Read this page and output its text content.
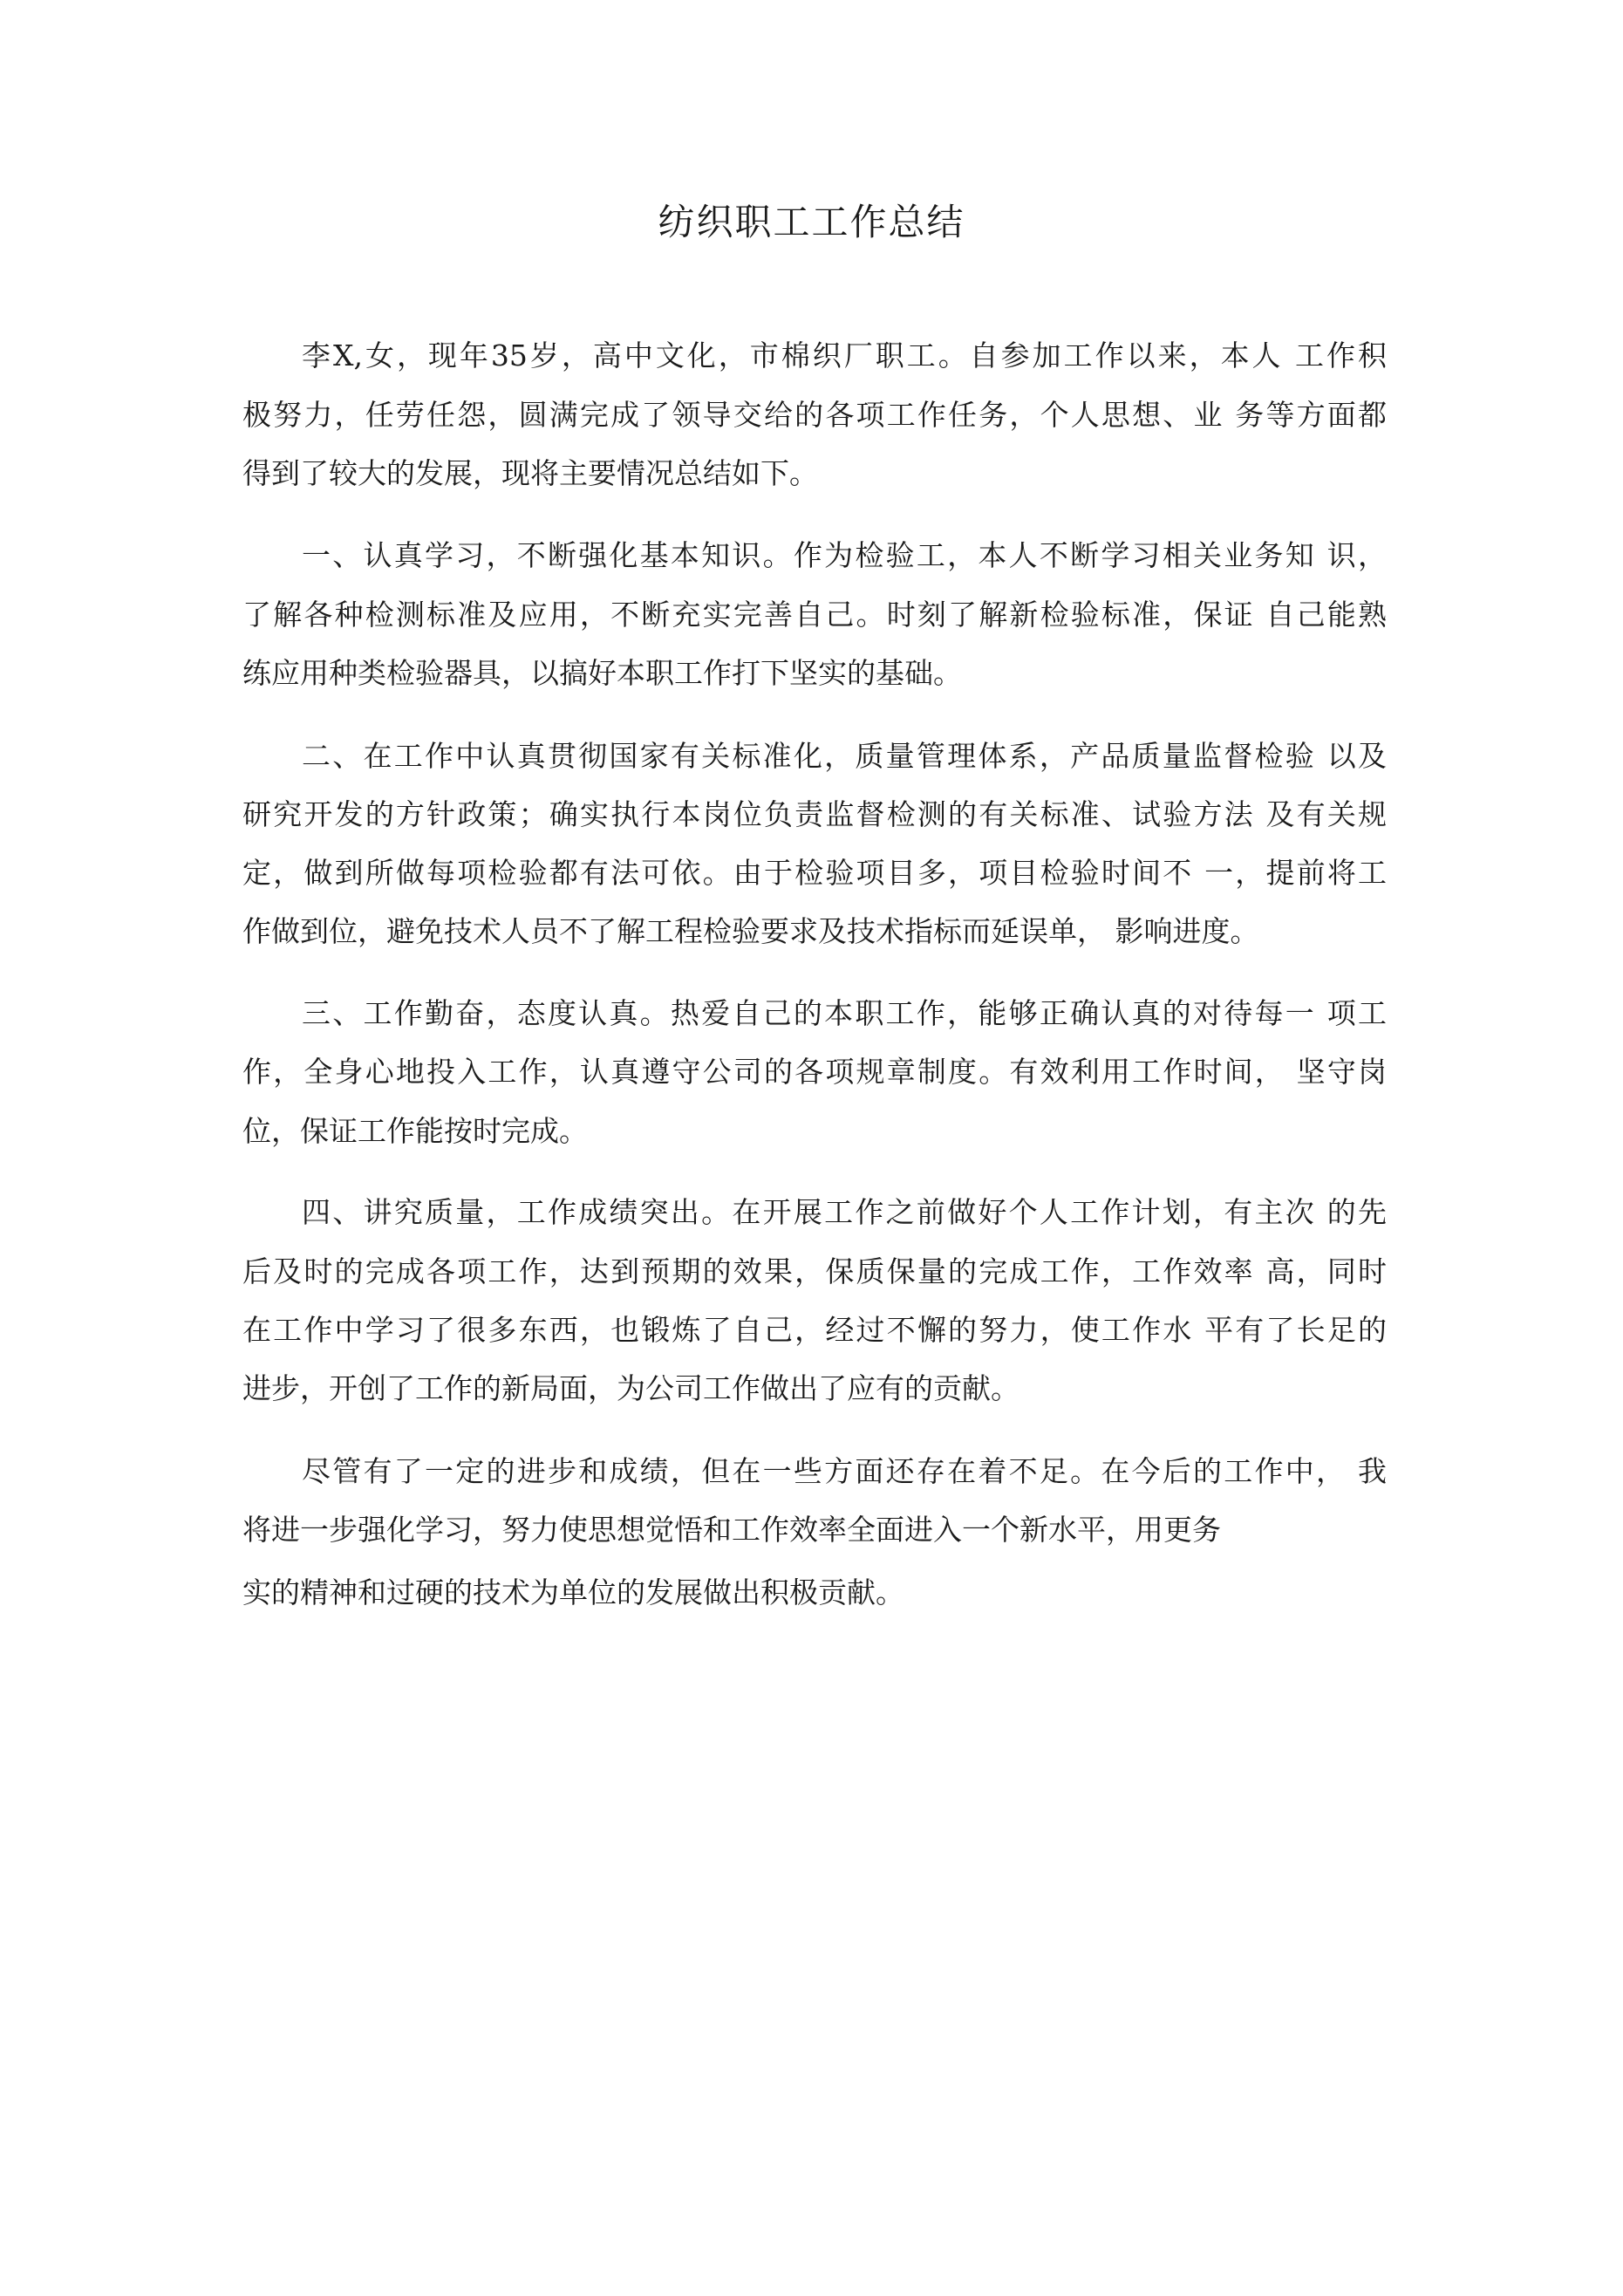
纺织职工工作总结

李X,女，现年35岁，高中文化，市棉织厂职工。自参加工作以来，本人 工作积

极努力，任劳任怨，圆满完成了领导交给的各项工作任务，个人思想、业 务等方面都

得到了较大的发展，现将主要情况总结如下。

一、认真学习，不断强化基本知识。作为检验工，本人不断学习相关业务知 识，

了解各种检测标准及应用，不断充实完善自己。时刻了解新检验标准，保证 自己能熟

练应用种类检验器具，以搞好本职工作打下坚实的基础。

二、在工作中认真贯彻国家有关标准化，质量管理体系，产品质量监督检验 以及

研究开发的方针政策；确实执行本岗位负责监督检测的有关标准、试验方法 及有关规

定，做到所做每项检验都有法可依。由于检验项目多，项目检验时间不 一，提前将工

作做到位，避免技术人员不了解工程检验要求及技术指标而延误单， 影响进度。

三、工作勤奋，态度认真。热爱自己的本职工作，能够正确认真的对待每一 项工

作，全身心地投入工作，认真遵守公司的各项规章制度。有效利用工作时间， 坚守岗

位，保证工作能按时完成。

四、讲究质量，工作成绩突出。在开展工作之前做好个人工作计划，有主次 的先

后及时的完成各项工作，达到预期的效果，保质保量的完成工作，工作效率 高，同时

在工作中学习了很多东西，也锻炼了自己，经过不懈的努力，使工作水 平有了长足的

进步，开创了工作的新局面，为公司工作做出了应有的贡献。

尽管有了一定的进步和成绩，但在一些方面还存在着不足。在今后的工作中， 我

将进一步强化学习，努力使思想觉悟和工作效率全面进入一个新水平，用更务

实的精神和过硬的技术为单位的发展做出积极贡献。
